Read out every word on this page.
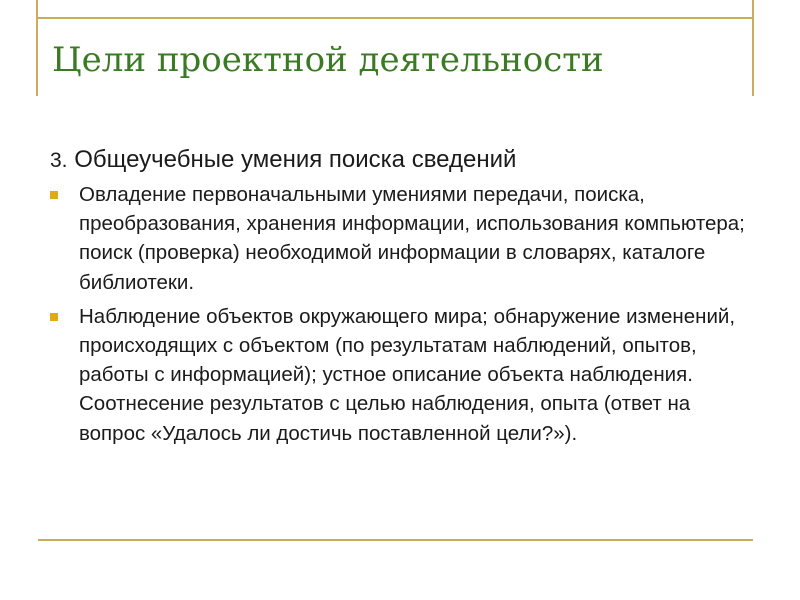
Цели проектной деятельности

3. Общеучебные умения поиска сведений

Овладение первоначальными умениями передачи, поиска, преобразования, хранения информации, использования компьютера; поиск (проверка) необходимой информации в словарях, каталоге библиотеки.
Наблюдение объектов окружающего мира; обнаружение изменений, происходящих с объектом (по результатам наблюдений, опытов, работы с информацией); устное описание объекта наблюдения. Соотнесение результатов с целью наблюдения, опыта (ответ на вопрос «Удалось ли достичь поставленной цели?»).
